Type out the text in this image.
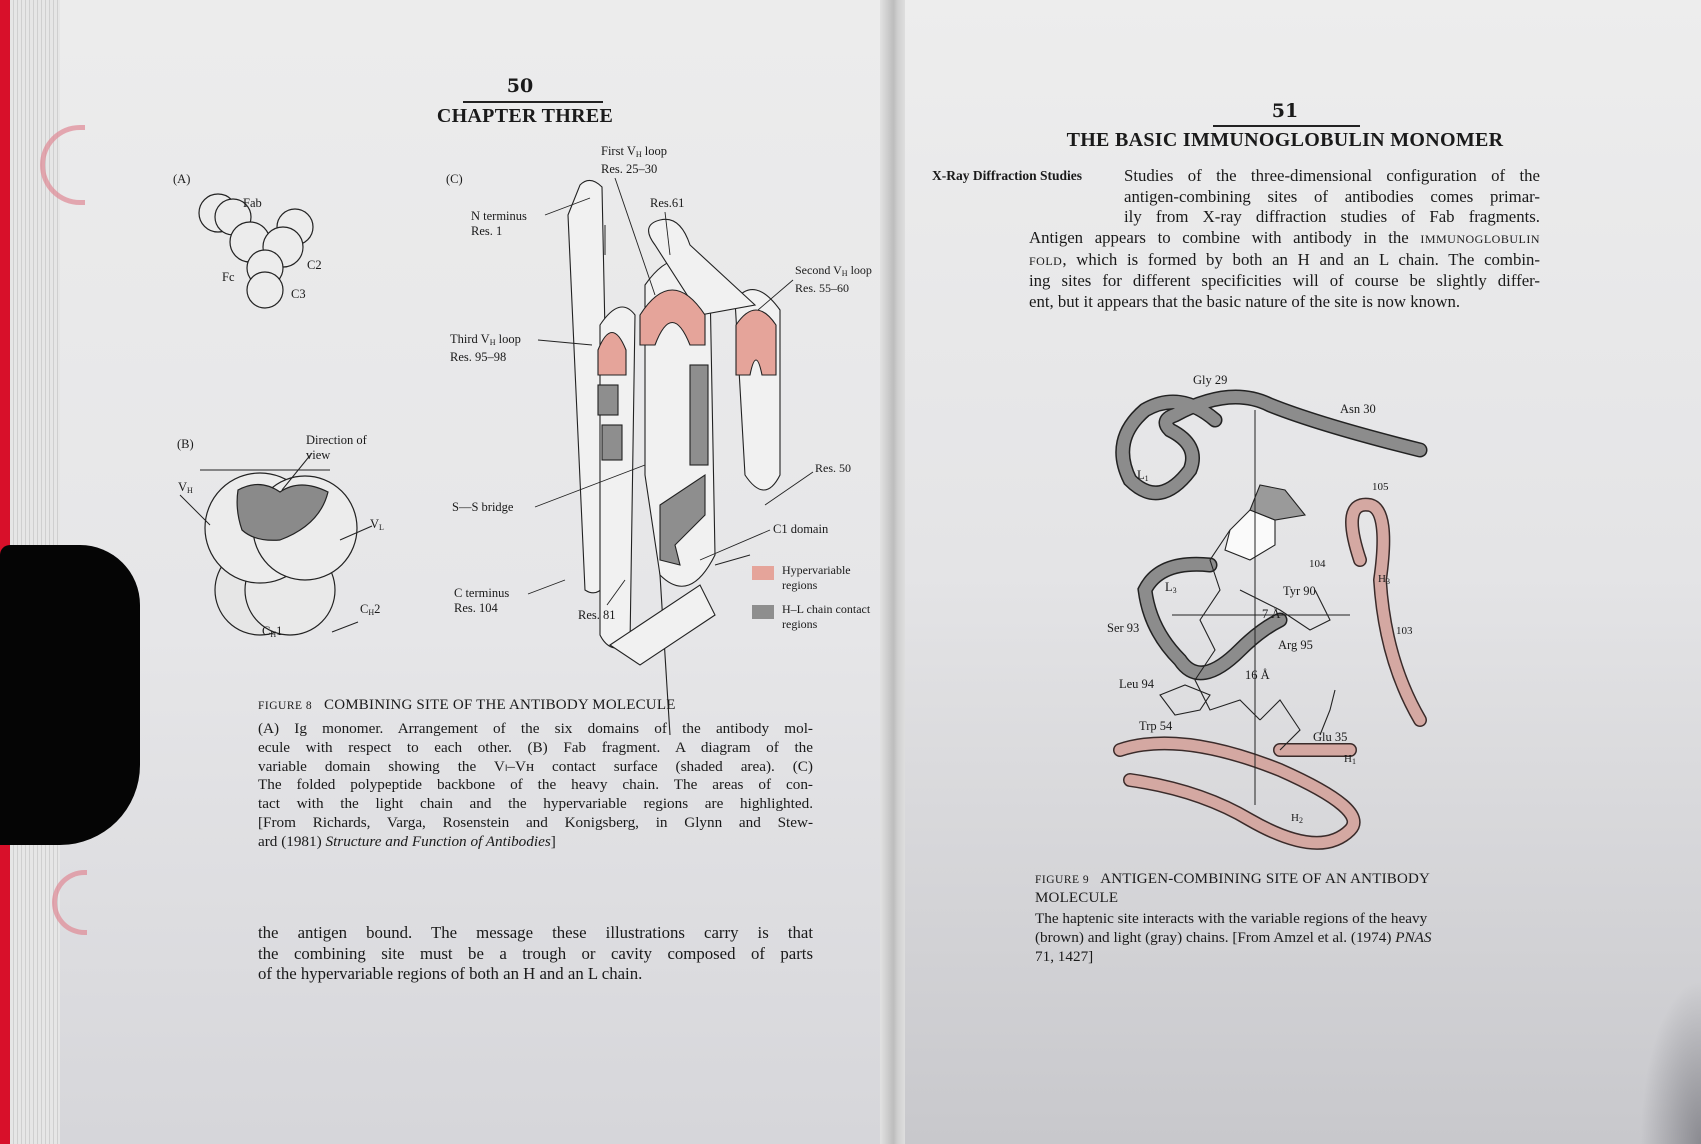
50
CHAPTER THREE
(A)
Fab
Fc
C2
C3
(B)	Direction of
view
$V_H$
$V_L$
$C_H2$
$C_H1$
(C)
First $V_H$ loop
Res. 25–30
Res.61
N terminus
Res. 1
Second $V_H$ loop
Res. 55–60
Third $V_H$ loop
Res. 95–98
Res. 50
S—S bridge
C1 domain
C terminus
Res. 104	Res. 81
Hypervariable
regions
H–L chain contact
regions
FIGURE 8 COMBINING SITE OF THE ANTIBODY MOLECULE
(A) Ig monomer. Arrangement of the six domains of the antibody mol-
ecule with respect to each other. (B) Fab fragment. A diagram of the
variable domain showing the Vₗ–Vʜ contact surface (shaded area). (C)
The folded polypeptide backbone of the heavy chain. The areas of con-
tact with the light chain and the hypervariable regions are highlighted.
[From Richards, Varga, Rosenstein and Konigsberg, in Glynn and Stew-
ard (1981) Structure and Function of Antibodies]
the antigen bound. The message these illustrations carry is that
the combining site must be a trough or cavity composed of parts
of the hypervariable regions of both an H and an L chain.
51
THE BASIC IMMUNOGLOBULIN MONOMER
X-Ray Diffraction Studies	Studies of the three-dimensional configuration of the
antigen-combining sites of antibodies comes primar-
ily from X-ray diffraction studies of Fab fragments.
Antigen appears to combine with antibody in the IMMUNOGLOBULIN
FOLD, which is formed by both an H and an L chain. The combin-
ing sites for different specificities will of course be slightly differ-
ent, but it appears that the basic nature of the site is now known.
Gly 29
Asn 30
$L_1$
105
104
$H_3$
$L_3$	Tyr 90
7 Å
Ser 93	103
Arg 95
16 Å
Leu 94
Trp 54
Glu 35
$H_1$
$H_2$
FIGURE 9 ANTIGEN-COMBINING SITE OF AN ANTIBODY
MOLECULE
The haptenic site interacts with the variable regions of the heavy
(brown) and light (gray) chains. [From Amzel et al. (1974) PNAS
71, 1427]
